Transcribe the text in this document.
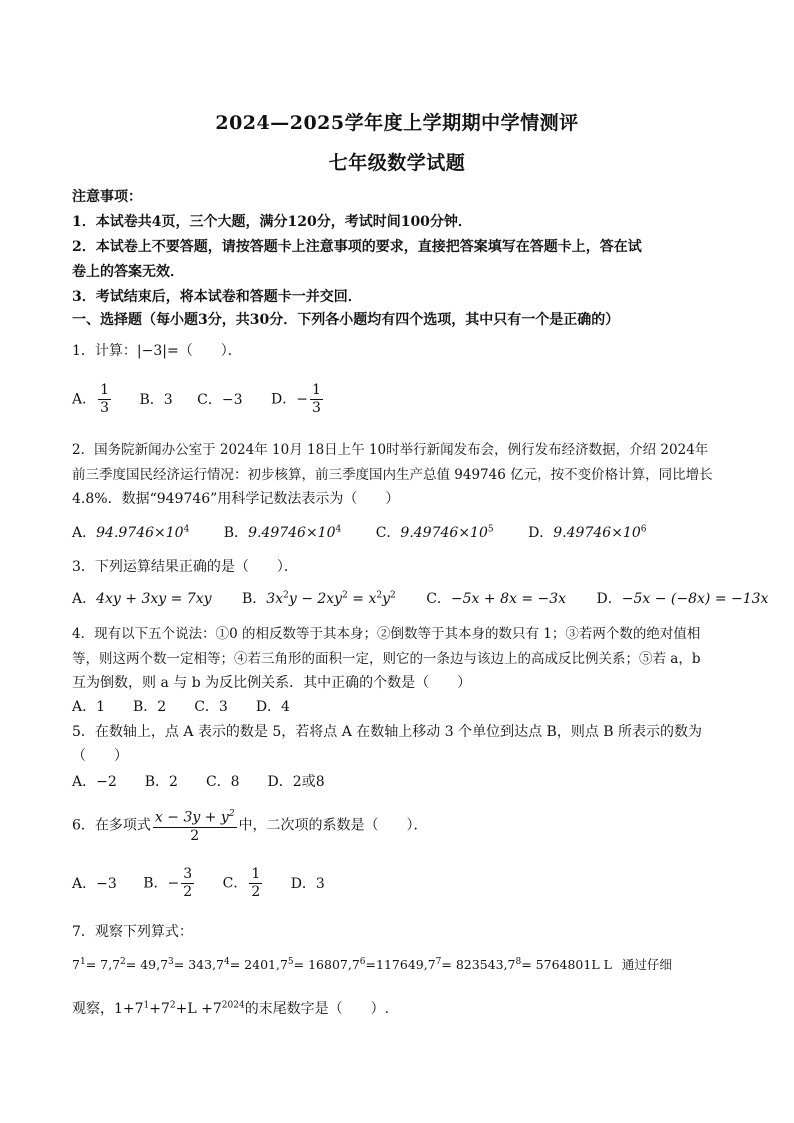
2024—2025学年度上学期期中学情测评
七年级数学试题
注意事项：
1．本试卷共4页，三个大题，满分120分，考试时间100分钟．
2．本试卷上不要答题，请按答题卡上注意事项的要求，直接把答案填写在答题卡上，答在试
卷上的答案无效．
3．考试结束后，将本试卷和答题卡一并交回．
一、选择题（每小题3分，共30分．下列各小题均有四个选项，其中只有一个是正确的）
1．计算：|−3|=（　　）．
A． $\frac{1}{3}$ B．3 C．−3 D．− $\frac{1}{3}$
2．国务院新闻办公室于 2024年 10月 18日上午 10时举行新闻发布会，例行发布经济数据，介绍 2024年
前三季度国民经济运行情况：初步核算，前三季度国内生产总值 949746 亿元，按不变价格计算，同比增长
4.8%．数据“949746”用科学记数法表示为（　　）
A．$94.9746\times 10^4$ B．$9.49746\times 10^4$ C．$9.49746\times 10^5$ D．$9.49746\times 10^6$
3．下列运算结果正确的是（　　）．
A．4xy + 3xy = 7xy B．$3x^2y - 2xy^2 = x^2y^2$ C．−5x + 8x = −3x D．−5x − (−8x) = −13x
4．现有以下五个说法：①0 的相反数等于其本身；②倒数等于其本身的数只有 1；③若两个数的绝对值相
等，则这两个数一定相等；④若三角形的面积一定，则它的一条边与该边上的高成反比例关系；⑤若 a，b
互为倒数，则 a 与 b 为反比例关系．其中正确的个数是（　　）
A．1　　B．2　　C．3　　D．4
5．在数轴上，点 A 表示的数是 5，若将点 A 在数轴上移动 3 个单位到达点 B，则点 B 所表示的数为
（　　）
A．−2　　B．2　　C．8　　D．2或8
6．在多项式 $\frac{x - 3y + y^2}{2}$ 中，二次项的系数是（　　）．
A．−3 B．− $\frac{3}{2}$ C． $\frac{1}{2}$ D．3
7．观察下列算式：
$7^1= 7,7^2= 49,7^3= 343,7^4= 2401,7^5= 16807,7^6=117649,7^7= 823543,7^8= 5764801L$ L 通过仔细
观察，$1+7^1+7^2+L +7^{2024}$的末尾数字是（　　）.
